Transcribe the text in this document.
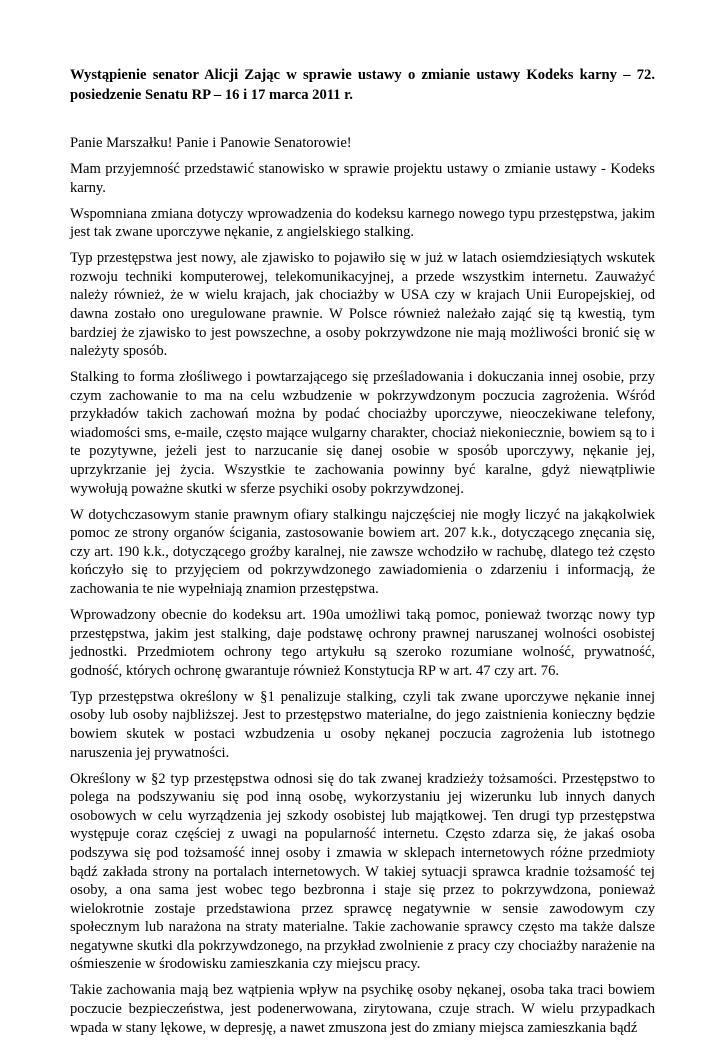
Wystąpienie senator Alicji Zając w sprawie ustawy o zmianie ustawy Kodeks karny – 72. posiedzenie Senatu RP – 16 i 17 marca 2011 r.

Panie Marszałku! Panie i Panowie Senatorowie!

Mam przyjemność przedstawić stanowisko w sprawie projektu ustawy o zmianie ustawy - Kodeks karny.

Wspomniana zmiana dotyczy wprowadzenia do kodeksu karnego nowego typu przestępstwa, jakim jest tak zwane uporczywe nękanie, z angielskiego stalking.

Typ przestępstwa jest nowy, ale zjawisko to pojawiło się w już w latach osiemdziesiątych wskutek rozwoju techniki komputerowej, telekomunikacyjnej, a przede wszystkim internetu. Zauważyć należy również, że w wielu krajach, jak chociażby w USA czy w krajach Unii Europejskiej, od dawna zostało ono uregulowane prawnie. W Polsce również należało zająć się tą kwestią, tym bardziej że zjawisko to jest powszechne, a osoby pokrzywdzone nie mają możliwości bronić się w należyty sposób.

Stalking to forma złośliwego i powtarzającego się prześladowania i dokuczania innej osobie, przy czym zachowanie to ma na celu wzbudzenie w pokrzywdzonym poczucia zagrożenia. Wśród przykładów takich zachowań można by podać chociażby uporczywe, nieoczekiwane telefony, wiadomości sms, e-maile, często mające wulgarny charakter, chociaż niekoniecznie, bowiem są to i te pozytywne, jeżeli jest to narzucanie się danej osobie w sposób uporczywy, nękanie jej, uprzykrzanie jej życia. Wszystkie te zachowania powinny być karalne, gdyż niewątpliwie wywołują poważne skutki w sferze psychiki osoby pokrzywdzonej.

W dotychczasowym stanie prawnym ofiary stalkingu najczęściej nie mogły liczyć na jakąkolwiek pomoc ze strony organów ścigania, zastosowanie bowiem art. 207 k.k., dotyczącego znęcania się, czy art. 190 k.k., dotyczącego groźby karalnej, nie zawsze wchodziło w rachubę, dlatego też często kończyło się to przyjęciem od pokrzywdzonego zawiadomienia o zdarzeniu i informacją, że zachowania te nie wypełniają znamion przestępstwa.

Wprowadzony obecnie do kodeksu art. 190a umożliwi taką pomoc, ponieważ tworząc nowy typ przestępstwa, jakim jest stalking, daje podstawę ochrony prawnej naruszanej wolności osobistej jednostki. Przedmiotem ochrony tego artykułu są szeroko rozumiane wolność, prywatność, godność, których ochronę gwarantuje również Konstytucja RP w art. 47 czy art. 76.

Typ przestępstwa określony w §1 penalizuje stalking, czyli tak zwane uporczywe nękanie innej osoby lub osoby najbliższej. Jest to przestępstwo materialne, do jego zaistnienia konieczny będzie bowiem skutek w postaci wzbudzenia u osoby nękanej poczucia zagrożenia lub istotnego naruszenia jej prywatności.

Określony w §2 typ przestępstwa odnosi się do tak zwanej kradzieży tożsamości. Przestępstwo to polega na podszywaniu się pod inną osobę, wykorzystaniu jej wizerunku lub innych danych osobowych w celu wyrządzenia jej szkody osobistej lub majątkowej. Ten drugi typ przestępstwa występuje coraz częściej z uwagi na popularność internetu. Często zdarza się, że jakaś osoba podszywa się pod tożsamość innej osoby i zmawia w sklepach internetowych różne przedmioty bądź zakłada strony na portalach internetowych. W takiej sytuacji sprawca kradnie tożsamość tej osoby, a ona sama jest wobec tego bezbronna i staje się przez to pokrzywdzona, ponieważ wielokrotnie zostaje przedstawiona przez sprawcę negatywnie w sensie zawodowym czy społecznym lub narażona na straty materialne. Takie zachowanie sprawcy często ma także dalsze negatywne skutki dla pokrzywdzonego, na przykład zwolnienie z pracy czy chociażby narażenie na ośmieszenie w środowisku zamieszkania czy miejscu pracy.

Takie zachowania mają bez wątpienia wpływ na psychikę osoby nękanej, osoba taka traci bowiem poczucie bezpieczeństwa, jest podenerwowana, zirytowana, czuje strach. W wielu przypadkach wpada w stany lękowe, w depresję, a nawet zmuszona jest do zmiany miejsca zamieszkania bądź
